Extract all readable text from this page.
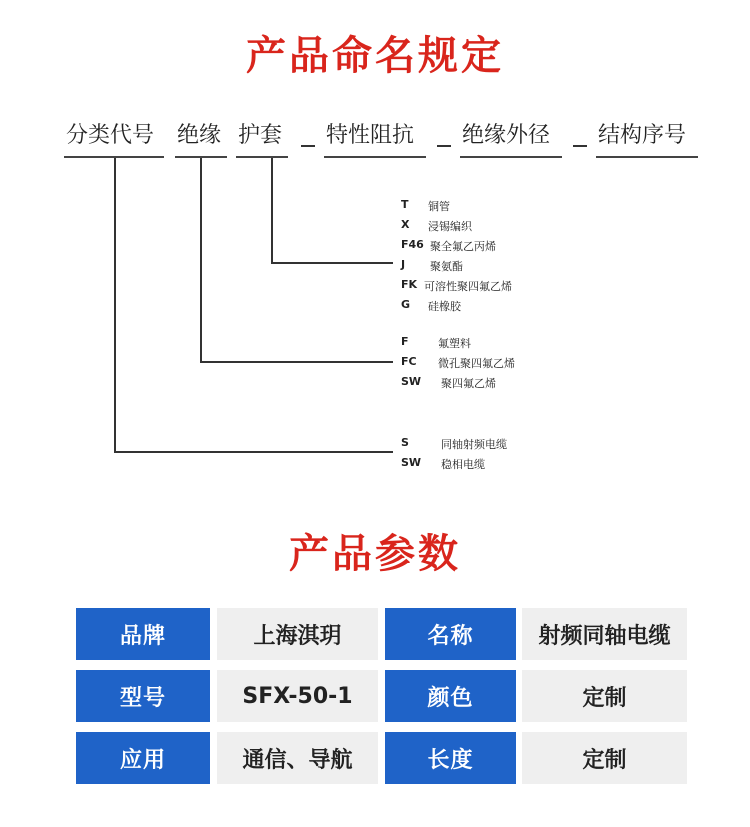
产品命名规定
分类代号 绝缘 护套 特性阻抗 绝缘外径 结构序号
T 铜管
X 浸锡编织
F46 聚全氟乙丙烯
J 聚氨酯
FK 可溶性聚四氟乙烯
G 硅橡胶
F	氟塑料
FC 微孔聚四氟乙烯
SW 聚四氟乙烯
S	同轴射频电缆
SW 稳相电缆
产品参数
品牌	上海淇玥	名称	射频同轴电缆
型号	SFX-50-1	颜色	定制
应用	通信、导航	长度	定制
